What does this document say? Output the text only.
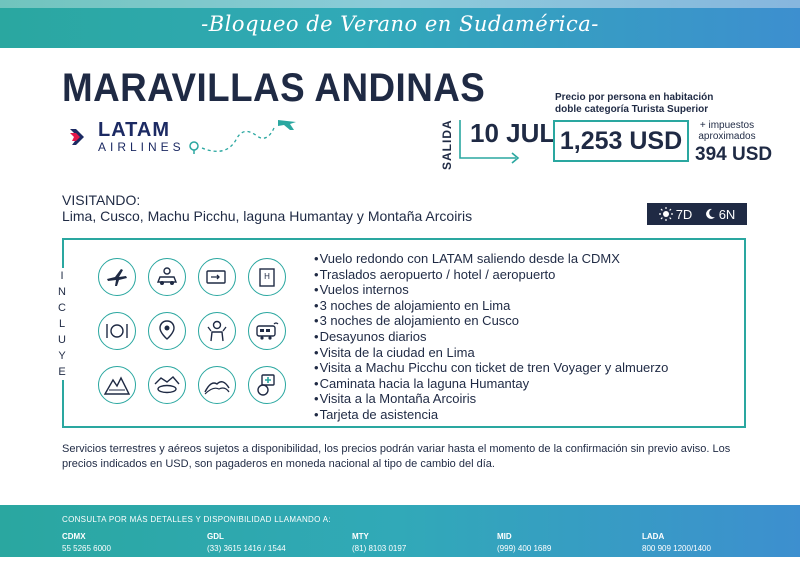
-Bloqueo de Verano en Sudamérica-
MARAVILLAS ANDINAS
LATAM
AIRLINES	SALIDA 10 JUL
Precio por persona en habitación
doble categoría Turista Superior
1,253 USD
+ impuestos
aproximados
394 USD
VISITANDO:
Lima, Cusco, Machu Picchu, laguna Humantay y Montaña Arcoiris	7D 6N
I N C L U Y E
H
• Vuelo redondo con LATAM saliendo desde la CDMX
• Traslados aeropuerto / hotel / aeropuerto
• Vuelos internos
• 3 noches de alojamiento en Lima
• 3 noches de alojamiento en Cusco
• Desayunos diarios
• Visita de la ciudad en Lima
• Visita a Machu Picchu con ticket de tren Voyager y almuerzo
• Caminata hacia la laguna Humantay
• Visita a la Montaña Arcoiris
• Tarjeta de asistencia
Servicios terrestres y aéreos sujetos a disponibilidad, los precios podrán variar hasta el momento de la confirmación sin previo aviso. Los precios indicados en USD, son pagaderos en moneda nacional al tipo de cambio del día.
CONSULTA POR MÁS DETALLES Y DISPONIBILIDAD LLAMANDO A:
CDMX
55 5265 6000
GDL
(33) 3615 1416 / 1544
MTY
(81) 8103 0197
MID
(999) 400 1689
LADA
800 909 1200/1400
